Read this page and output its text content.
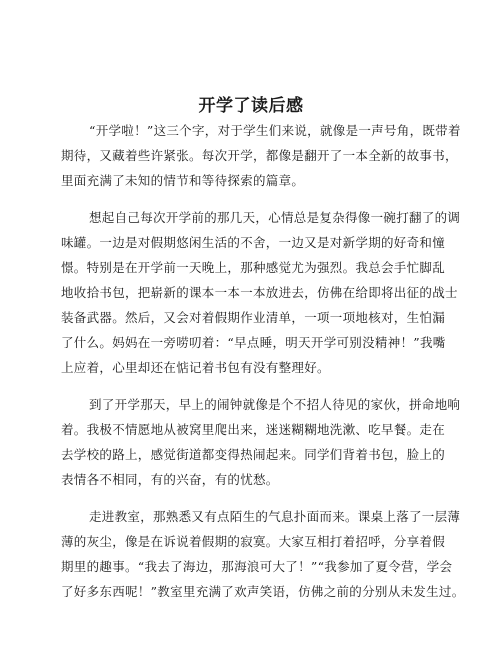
开学了读后感
“开学啦！”这三个字，对于学生们来说，就像是一声号角，既带着
期待，又藏着些许紧张。每次开学，都像是翻开了一本全新的故事书，
里面充满了未知的情节和等待探索的篇章。
想起自己每次开学前的那几天，心情总是复杂得像一碗打翻了的调
味罐。一边是对假期悠闲生活的不舍，一边又是对新学期的好奇和憧
憬。特别是在开学前一天晚上，那种感觉尤为强烈。我总会手忙脚乱
地收拾书包，把崭新的课本一本一本放进去，仿佛在给即将出征的战士
装备武器。然后，又会对着假期作业清单，一项一项地核对，生怕漏
了什么。妈妈在一旁唠叨着：“早点睡，明天开学可别没精神！”我嘴
上应着，心里却还在惦记着书包有没有整理好。
到了开学那天，早上的闹钟就像是个不招人待见的家伙，拼命地响
着。我极不情愿地从被窝里爬出来，迷迷糊糊地洗漱、吃早餐。走在
去学校的路上，感觉街道都变得热闹起来。同学们背着书包，脸上的
表情各不相同，有的兴奋，有的忧愁。
走进教室，那熟悉又有点陌生的气息扑面而来。课桌上落了一层薄
薄的灰尘，像是在诉说着假期的寂寞。大家互相打着招呼，分享着假
期里的趣事。“我去了海边，那海浪可大了！”“我参加了夏令营，学会
了好多东西呢！”教室里充满了欢声笑语，仿佛之前的分别从未发生过。
